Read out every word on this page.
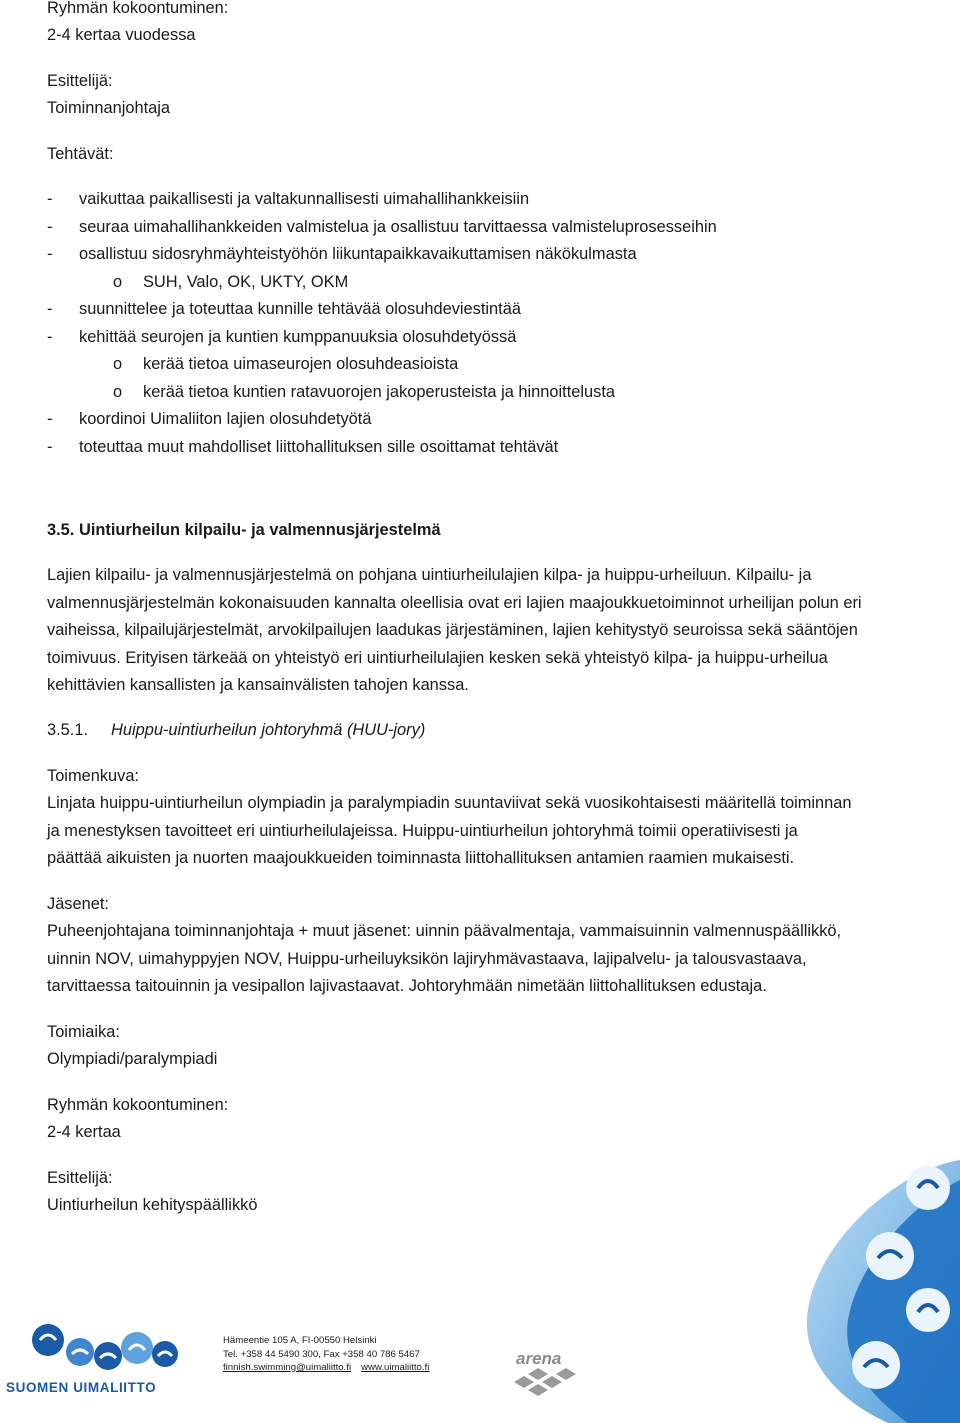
Ryhmän kokoontuminen:
2-4 kertaa vuodessa
Esittelijä:
Toiminnanjohtaja
Tehtävät:
- vaikuttaa paikallisesti ja valtakunnallisesti uimahallihankkeisiin
- seuraa uimahallihankkeiden valmistelua ja osallistuu tarvittaessa valmisteluprosesseihin
- osallistuu sidosryhmäyhteistyöhön liikuntapaikkavaikuttamisen näkökulmasta
o SUH, Valo, OK, UKTY, OKM
- suunnittelee ja toteuttaa kunnille tehtävää olosuhdeviestintää
- kehittää seurojen ja kuntien kumppanuuksia olosuhdetyössä
o kerää tietoa uimaseurojen olosuhdeasioista
o kerää tietoa kuntien ratavuorojen jakoperusteista ja hinnoittelusta
- koordinoi Uimaliiton lajien olosuhdetyötä
- toteuttaa muut mahdolliset liittohallituksen sille osoittamat tehtävät
3.5. Uintiurheilun kilpailu- ja valmennusjärjestelmä
Lajien kilpailu- ja valmennusjärjestelmä on pohjana uintiurheilulajien kilpa- ja huippu-urheiluun. Kilpailu- ja
valmennusjärjestelmän kokonaisuuden kannalta oleellisia ovat eri lajien maajoukkuetoiminnot urheilijan polun eri
vaiheissa, kilpailujärjestelmät, arvokilpailujen laadukas järjestäminen, lajien kehitystyö seuroissa sekä sääntöjen
toimivuus. Erityisen tärkeää on yhteistyö eri uintiurheilulajien kesken sekä yhteistyö kilpa- ja huippu-urheilua
kehittävien kansallisten ja kansainvälisten tahojen kanssa.
3.5.1. Huippu-uintiurheilun johtoryhmä (HUU-jory)
Toimenkuva:
Linjata huippu-uintiurheilun olympiadin ja paralympiadin suuntaviivat sekä vuosikohtaisesti määritellä toiminnan
ja menestyksen tavoitteet eri uintiurheilulajeissa. Huippu-uintiurheilun johtoryhmä toimii operatiivisesti ja
päättää aikuisten ja nuorten maajoukkueiden toiminnasta liittohallituksen antamien raamien mukaisesti.
Jäsenet:
Puheenjohtajana toiminnanjohtaja + muut jäsenet: uinnin päävalmentaja, vammaisuinnin valmennuspäällikkö,
uinnin NOV, uimahyppyjen NOV, Huippu-urheiluyksikön lajiryhmävastaava, lajipalvelu- ja talousvastaava,
tarvittaessa taitouinnin ja vesipallon lajivastaavat. Johtoryhmään nimetään liittohallituksen edustaja.
Toimiaika:
Olympiadi/paralympiadi
Ryhmän kokoontuminen:
2-4 kertaa
Esittelijä:
Uintiurheilun kehityspäällikkö
SUOMEN UIMALIITTO
Hämeentie 105 A, FI-00550 Helsinki
Tel. +358 44 5490 300, Fax +358 40 786 5467
finnish.swimming@uimaliitto.fi www.uimaliitto.fi	arena
